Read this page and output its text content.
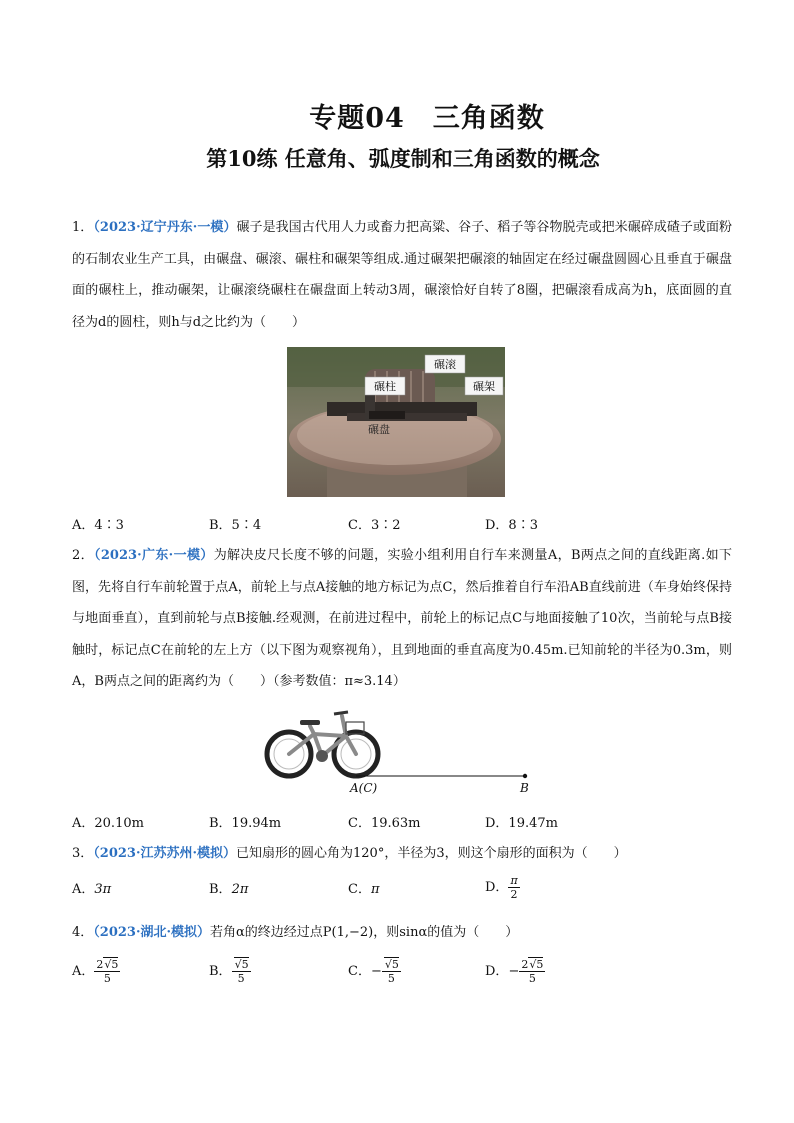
专题04　三角函数
第10练 任意角、弧度制和三角函数的概念
1．（2023·辽宁丹东·一模）碾子是我国古代用人力或畜力把高粱、谷子、稻子等谷物脱壳或把米碾碎成碴子或面粉的石制农业生产工具，由碾盘、碾滚、碾柱和碾架等组成.通过碾架把碾滚的轴固定在经过碾盘圆圆心且垂直于碾盘面的碾柱上，推动碾架，让碾滚绕碾柱在碾盘面上转动3周，碾滚恰好自转了8圈，把碾滚看成高为h，底面圆的直径为d的圆柱，则h与d之比约为（　　）
碾滚
碾柱	碾架
碾盘
A．4∶3	B．5∶4	C．3∶2	D．8∶3
2．（2023·广东·一模）为解决皮尺长度不够的问题，实验小组利用自行车来测量A，B两点之间的直线距离.如下图，先将自行车前轮置于点A，前轮上与点A接触的地方标记为点C，然后推着自行车沿AB直线前进（车身始终保持与地面垂直），直到前轮与点B接触.经观测，在前进过程中，前轮上的标记点C与地面接触了10次，当前轮与点B接触时，标记点C在前轮的左上方（以下图为观察视角），且到地面的垂直高度为0.45m.已知前轮的半径为0.3m，则A，B两点之间的距离约为（　　）（参考数值：π≈3.14）
A(C)	B
A．20.10m	B．19.94m	C．19.63m	D．19.47m
3．（2023·江苏苏州·模拟）已知扇形的圆心角为120°，半径为3，则这个扇形的面积为（　　）
A．3π	B．2π	C．π	D． $\frac{\pi}{2}$
4．（2023·湖北·模拟）若角α的终边经过点P(1,−2)，则sinα的值为（　　）
A． $\frac{2√5}{5}$	B． $\frac{√5}{5}$	C．− $\frac{√5}{5}$	D．− $\frac{2√5}{5}$
